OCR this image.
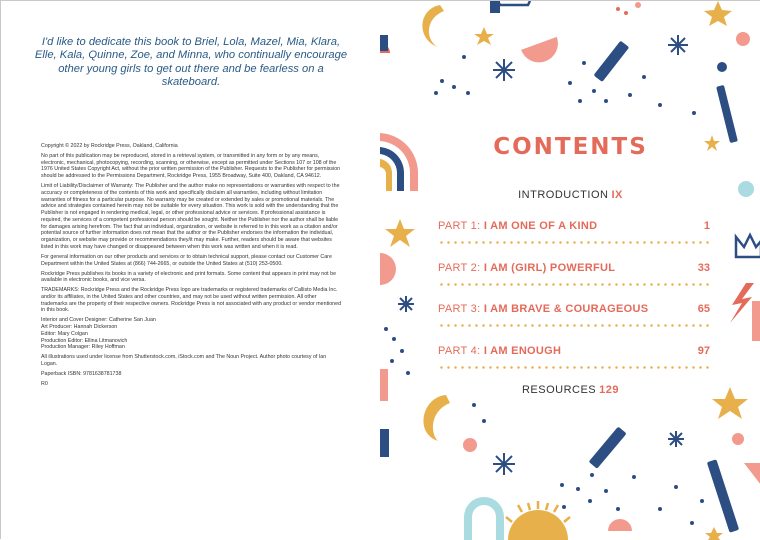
I'd like to dedicate this book to Briel, Lola, Mazel, Mia, Klara, Elle, Kala, Quinne, Zoe, and Minna, who continually encourage other young girls to get out there and be fearless on a skateboard.

Copyright © 2022 by Rockridge Press, Oakland, California

No part of this publication may be reproduced, stored in a retrieval system, or transmitted in any form or by any means, electronic, mechanical, photocopying, recording, scanning, or otherwise, except as permitted under Sections 107 or 108 of the 1976 United States Copyright Act, without the prior written permission of the Publisher. Requests to the Publisher for permission should be addressed to the Permissions Department, Rockridge Press, 1955 Broadway, Suite 400, Oakland, CA 94612.

Limit of Liability/Disclaimer of Warranty: The Publisher and the author make no representations or warranties with respect to the accuracy or completeness of the contents of this work and specifically disclaim all warranties, including without limitation warranties of fitness for a particular purpose. No warranty may be created or extended by sales or promotional materials. The advice and strategies contained herein may not be suitable for every situation. This work is sold with the understanding that the Publisher is not engaged in rendering medical, legal, or other professional advice or services. If professional assistance is required, the services of a competent professional person should be sought. Neither the Publisher nor the author shall be liable for damages arising herefrom. The fact that an individual, organization, or website is referred to in this work as a citation and/or potential source of further information does not mean that the author or the Publisher endorses the information the individual, organization, or website may provide or recommendations they/it may make. Further, readers should be aware that websites listed in this work may have changed or disappeared between when this work was written and when it is read.

For general information on our other products and services or to obtain technical support, please contact our Customer Care Department within the United States at (866) 744-2665, or outside the United States at (510) 253-0500.

Rockridge Press publishes its books in a variety of electronic and print formats. Some content that appears in print may not be available in electronic books, and vice versa.

TRADEMARKS: Rockridge Press and the Rockridge Press logo are trademarks or registered trademarks of Callisto Media Inc. and/or its affiliates, in the United States and other countries, and may not be used without written permission. All other trademarks are the property of their respective owners. Rockridge Press is not associated with any product or vendor mentioned in this book.

Interior and Cover Designer: Catherine San Juan

Art Producer: Hannah Dickerson

Editor: Mary Colgan

Production Editor: Ellina Litmanovich

Production Manager: Riley Hoffman

All illustrations used under license from Shutterstock.com, iStock.com and The Noun Project. Author photo courtesy of Ian Logan.

Paperback ISBN: 9781638781738

R0

CONTENTS
INTRODUCTION IX
PART 1: I AM ONE OF A KIND	1
PART 2: I AM (GIRL) POWERFUL	33
PART 3: I AM BRAVE & COURAGEOUS	65
PART 4: I AM ENOUGH	97
RESOURCES 129
